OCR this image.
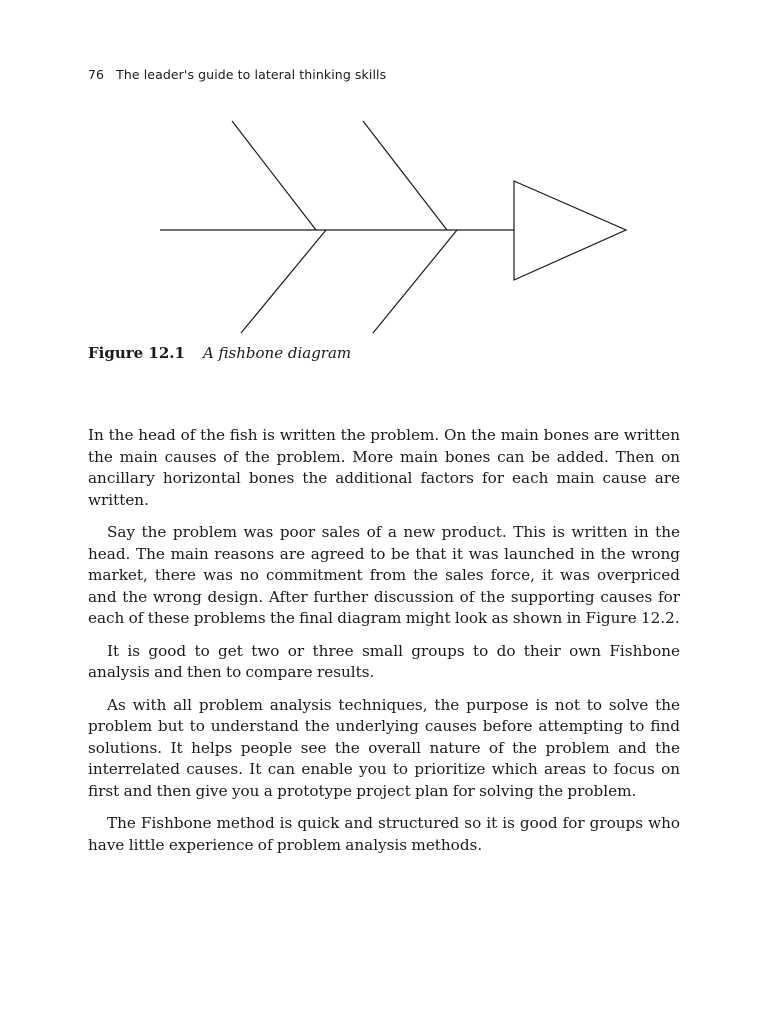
76 The leader's guide to lateral thinking skills
Figure 12.1 A fishbone diagram

In the head of the fish is written the problem. On the main bones are written the main causes of the problem. More main bones can be added. Then on ancillary horizontal bones the additional factors for each main cause are written.

Say the problem was poor sales of a new product. This is written in the head. The main reasons are agreed to be that it was launched in the wrong market, there was no commitment from the sales force, it was overpriced and the wrong design. After further discussion of the supporting causes for each of these problems the final diagram might look as shown in Figure 12.2.

It is good to get two or three small groups to do their own Fishbone analysis and then to compare results.

As with all problem analysis techniques, the purpose is not to solve the problem but to understand the underlying causes before attempting to find solutions. It helps people see the overall nature of the problem and the interrelated causes. It can enable you to prioritize which areas to focus on first and then give you a prototype project plan for solving the problem.

The Fishbone method is quick and structured so it is good for groups who have little experience of problem analysis methods.
